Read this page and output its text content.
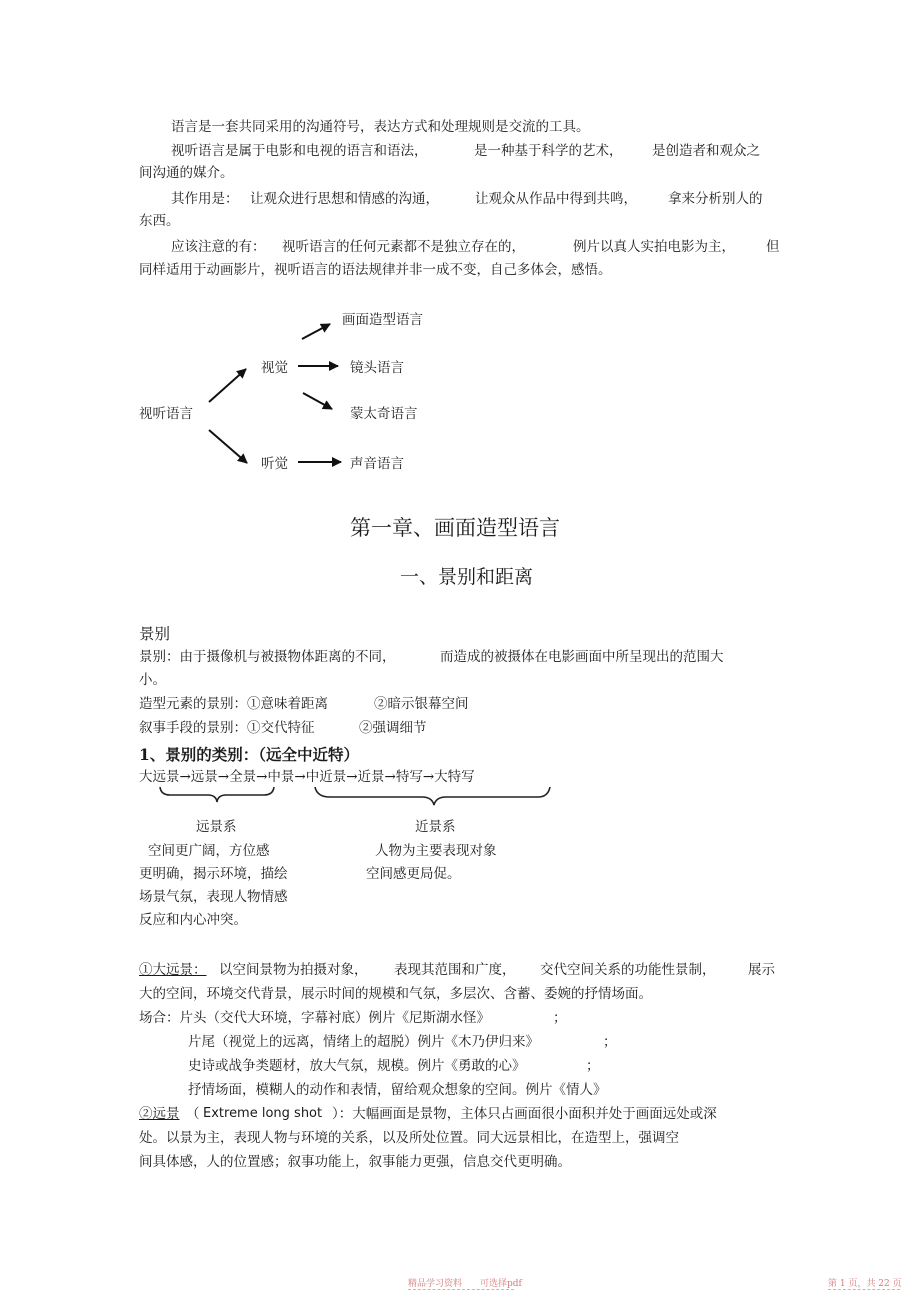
语言是一套共同采用的沟通符号，表达方式和处理规则是交流的工具。
视听语言是属于电影和电视的语言和语法，	是一种基于科学的艺术， 是创造者和观众之
间沟通的媒介。
其作用是： 让观众进行思想和情感的沟通，	让观众从作品中得到共鸣， 拿来分析别人的
东西。
应该注意的有： 视听语言的任何元素都不是独立存在的，	例片以真人实拍电影为主， 但
同样适用于动画影片，视听语言的语法规律并非一成不变，自己多体会，感悟。
视听语言
视觉
听觉
画面造型语言
镜头语言
蒙太奇语言
声音语言
第一章、画面造型语言
一、景别和距离
景别
景别：由于摄像机与被摄物体距离的不同，	而造成的被摄体在电影画面中所呈现出的范围大
小。
造型元素的景别：①意味着距离	②暗示银幕空间
叙事手段的景别：①交代特征	②强调细节
1、景别的类别：（远全中近特）
大远景→远景→全景→中景→中近景→近景→特写→大特写
远景系	近景系
空间更广阔，方位感
更明确，揭示环境，描绘
场景气氛，表现人物情感
反应和内心冲突。
人物为主要表现对象
空间感更局促。
①大远景： 以空间景物为拍摄对象， 表现其范围和广度， 交代空间关系的功能性景制， 展示
大的空间，环境交代背景，展示时间的规模和气氛，多层次、含蓄、委婉的抒情场面。
场合：片头（交代大环境，字幕衬底）例片《尼斯湖水怪》	；
片尾（视觉上的远离，情绪上的超脱）例片《木乃伊归来》	；
史诗或战争类题材，放大气氛，规模。例片《勇敢的心》	；
抒情场面，模糊人的动作和表情，留给观众想象的空间。例片《情人》
②远景 （ Extreme long shot ）：大幅画面是景物，主体只占画面很小面积并处于画面远处或深
处。以景为主，表现人物与环境的关系，以及所处位置。同大远景相比，在造型上，强调空
间具体感，人的位置感；叙事功能上，叙事能力更强，信息交代更明确。
精品学习资料　　可选择pdf	第 1 页，共 22 页
